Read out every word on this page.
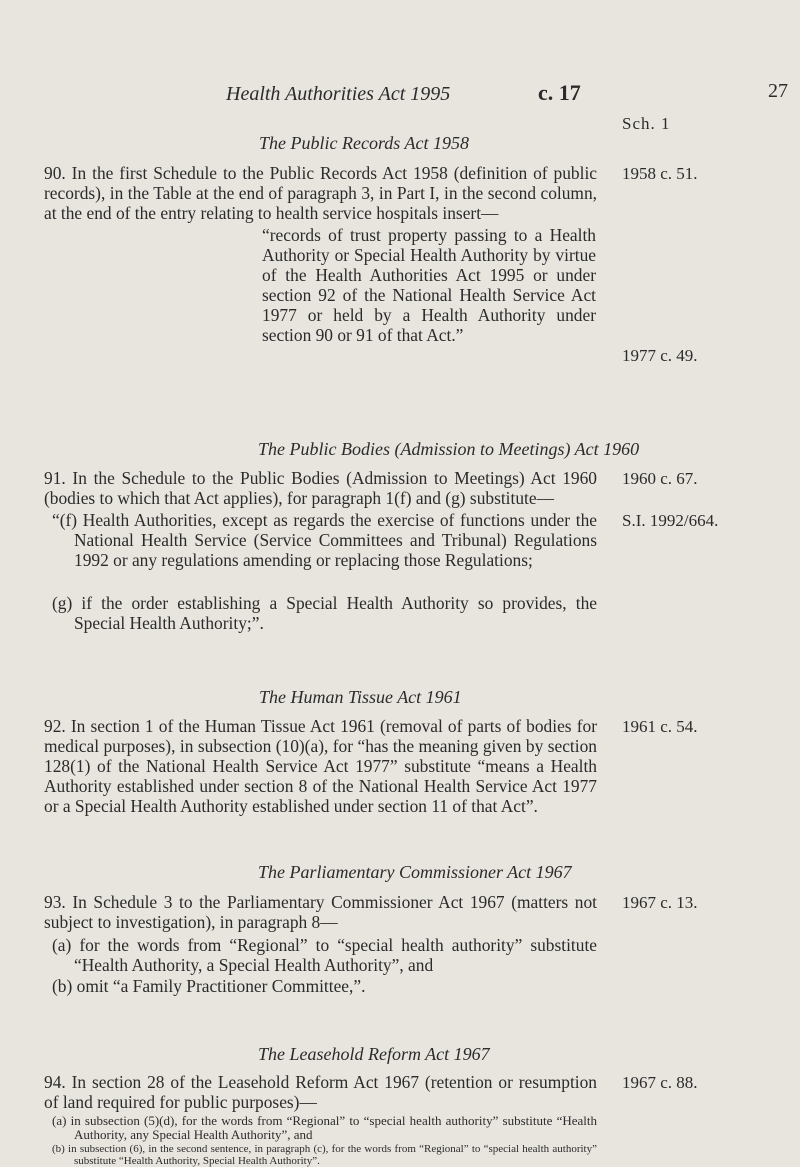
Health Authorities Act 1995	c. 17	27
Sch. 1
The Public Records Act 1958

90. In the first Schedule to the Public Records Act 1958 (definition of public records), in the Table at the end of paragraph 3, in Part I, in the second column, at the end of the entry relating to health service hospitals insert—

1958 c. 51.
“records of trust property passing to a Health Authority or Special Health Authority by virtue of the Health Authorities Act 1995 or under section 92 of the National Health Service Act 1977 or held by a Health Authority under section 90 or 91 of that Act.”
1977 c. 49.
The Public Bodies (Admission to Meetings) Act 1960

91. In the Schedule to the Public Bodies (Admission to Meetings) Act 1960 (bodies to which that Act applies), for paragraph 1(f) and (g) substitute—

1960 c. 67.

“(f) Health Authorities, except as regards the exercise of functions under the National Health Service (Service Committees and Tribunal) Regulations 1992 or any regulations amending or replacing those Regulations;

S.I. 1992/664.

(g) if the order establishing a Special Health Authority so provides, the Special Health Authority;”.

The Human Tissue Act 1961

92. In section 1 of the Human Tissue Act 1961 (removal of parts of bodies for medical purposes), in subsection (10)(a), for “has the meaning given by section 128(1) of the National Health Service Act 1977” substitute “means a Health Authority established under section 8 of the National Health Service Act 1977 or a Special Health Authority established under section 11 of that Act”.

1961 c. 54.
The Parliamentary Commissioner Act 1967

93. In Schedule 3 to the Parliamentary Commissioner Act 1967 (matters not subject to investigation), in paragraph 8—

1967 c. 13.

(a) for the words from “Regional” to “special health authority” substitute “Health Authority, a Special Health Authority”, and

(b) omit “a Family Practitioner Committee,”.

The Leasehold Reform Act 1967

94. In section 28 of the Leasehold Reform Act 1967 (retention or resumption of land required for public purposes)—

1967 c. 88.

(a) in subsection (5)(d), for the words from “Regional” to “special health authority” substitute “Health Authority, any Special Health Authority”, and

(b) in subsection (6), in the second sentence, in paragraph (c), for the words from “Regional” to “special health authority” substitute “Health Authority, Special Health Authority”.
